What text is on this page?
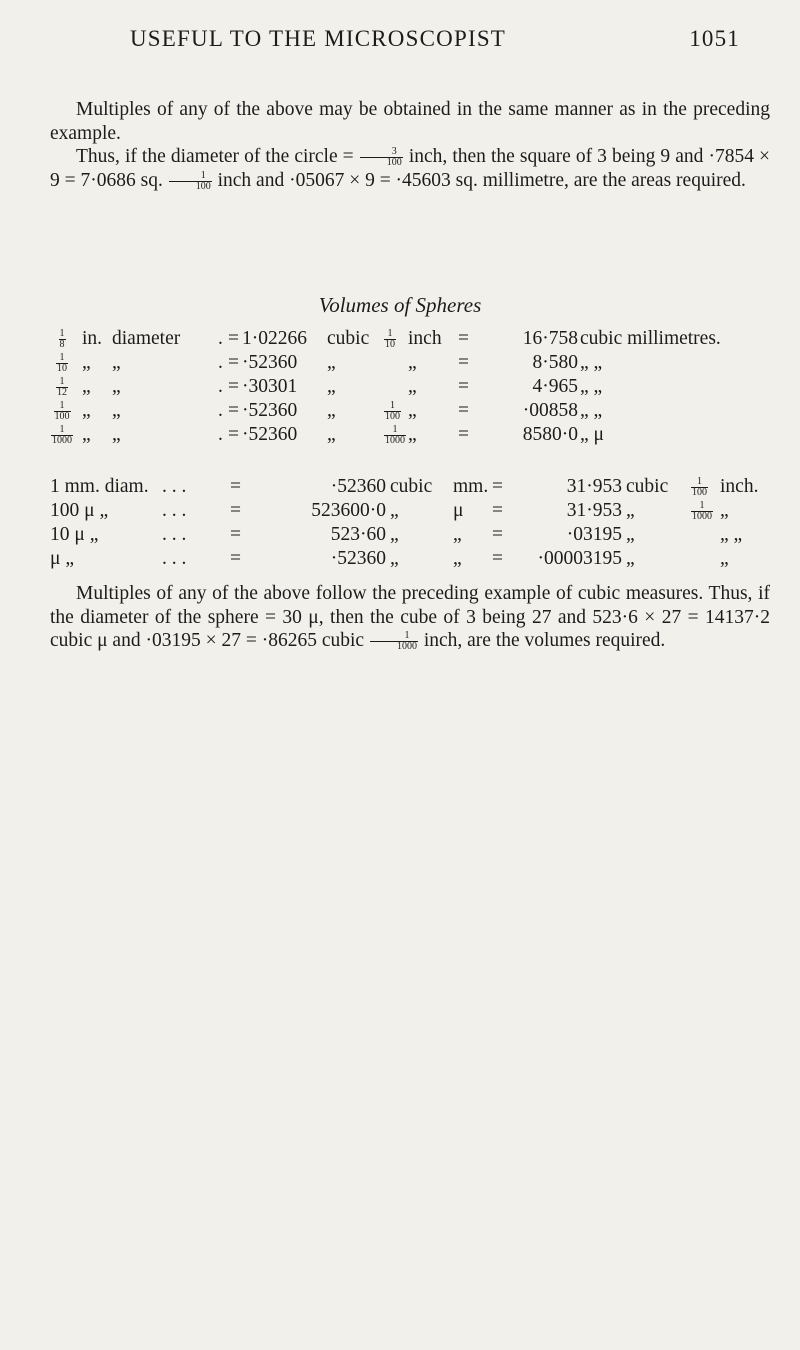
USEFUL TO THE MICROSCOPIST	1051

Multiples of any of the above may be obtained in the same manner as in the preceding example.

Thus, if the diameter of the circle = $\frac{3}{100}$ inch, then the square of 3 being 9 and ·7854 × 9 = 7·0686 sq. $\frac{1}{100}$ inch and ·05067 × 9 = ·45603 sq. millimetre, are the areas required.

Volumes of Spheres
$\frac{1}{8}$ in. diameter . = 1·02266 cubic $\frac{1}{10}$ inch =	16·758 cubic millimetres.
$\frac{1}{10}$ „ „	. = ·52360 „	„ =	8·580 „ „
$\frac{1}{12}$ „ „	. = ·30301 „	„ =	4·965 „ „
$\frac{1}{100}$ „ „	. = ·52360 „	$\frac{1}{100}$ „ =	·00858 „ „
$\frac{1}{1000}$ „ „	. = ·52360 „	$\frac{1}{1000}$ „ =	8580·0 „ μ
1 mm. diam. . . . =	·52360 cubic mm. =	31·953 cubic $\frac{1}{100}$ inch.
100 μ „	. . . =	523600·0 „	μ =	31·953 „	$\frac{1}{1000}$ „
10 μ „	. . . =	523·60 „	„ =	·03195 „	„ „
μ „	. . . =	·52360 „	„ =	·00003195 „	„

Multiples of any of the above follow the preceding example of cubic measures. Thus, if the diameter of the sphere = 30 μ, then the cube of 3 being 27 and 523·6 × 27 = 14137·2 cubic μ and ·03195 × 27 = ·86265 cubic $\frac{1}{1000}$ inch, are the volumes required.
